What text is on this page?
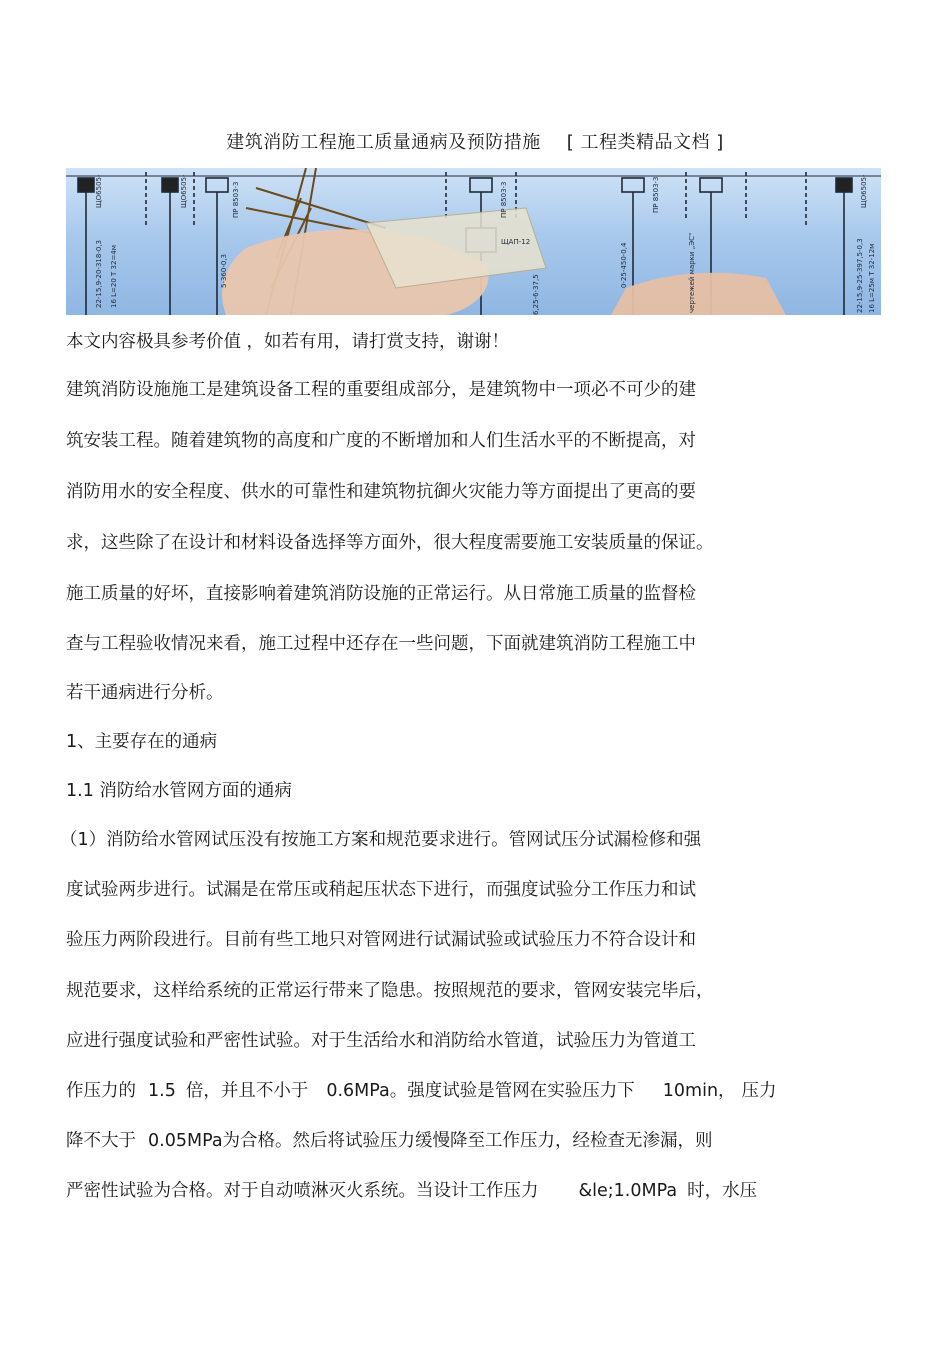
建筑消防工程施工质量通病及预防措施 [ 工程类精品文档 ]
ЩО6505-	ЩО6505-	ПР 8503-3	ПР 8503-3	ПР 8503-3
ЩАП-12
ЩО6505-
22-15,9-20-318-0,3 16 L=20 T 32=4м	5-360-0,3
6,25-6-37,5
0-25-450-0,4	чертежей марки „ЭС"	22-15,9-25-397,5-0,3 16 L=25м T 32-12м
本文内容极具参考价值 ，如若有用，请打赏支持，谢谢！
建筑消防设施施工是建筑设备工程的重要组成部分，是建筑物中一项必不可少的建
筑安装工程。随着建筑物的高度和广度的不断增加和人们生活水平的不断提高，对
消防用水的安全程度、供水的可靠性和建筑物抗御火灾能力等方面提出了更高的要
求，这些除了在设计和材料设备选择等方面外，很大程度需要施工安装质量的保证。
施工质量的好坏，直接影响着建筑消防设施的正常运行。从日常施工质量的监督检
查与工程验收情况来看，施工过程中还存在一些问题，下面就建筑消防工程施工中
若干通病进行分析。
1、主要存在的通病
1.1 消防给水管网方面的通病
（1）消防给水管网试压没有按施工方案和规范要求进行。管网试压分试漏检修和强
度试验两步进行。试漏是在常压或稍起压状态下进行，而强度试验分工作压力和试
验压力两阶段进行。目前有些工地只对管网进行试漏试验或试验压力不符合设计和
规范要求，这样给系统的正常运行带来了隐患。按照规范的要求，管网安装完毕后，
应进行强度试验和严密性试验。对于生活给水和消防给水管道，试验压力为管道工
作压力的 1.5 倍，并且不小于 0.6MPa。强度试验是管网在实验压力下 10min， 压力
降不大于 0.05MPa为合格。然后将试验压力缓慢降至工作压力，经检查无渗漏，则
严密性试验为合格。对于自动喷淋灭火系统。当设计工作压力 &le;1.0MPa 时，水压
